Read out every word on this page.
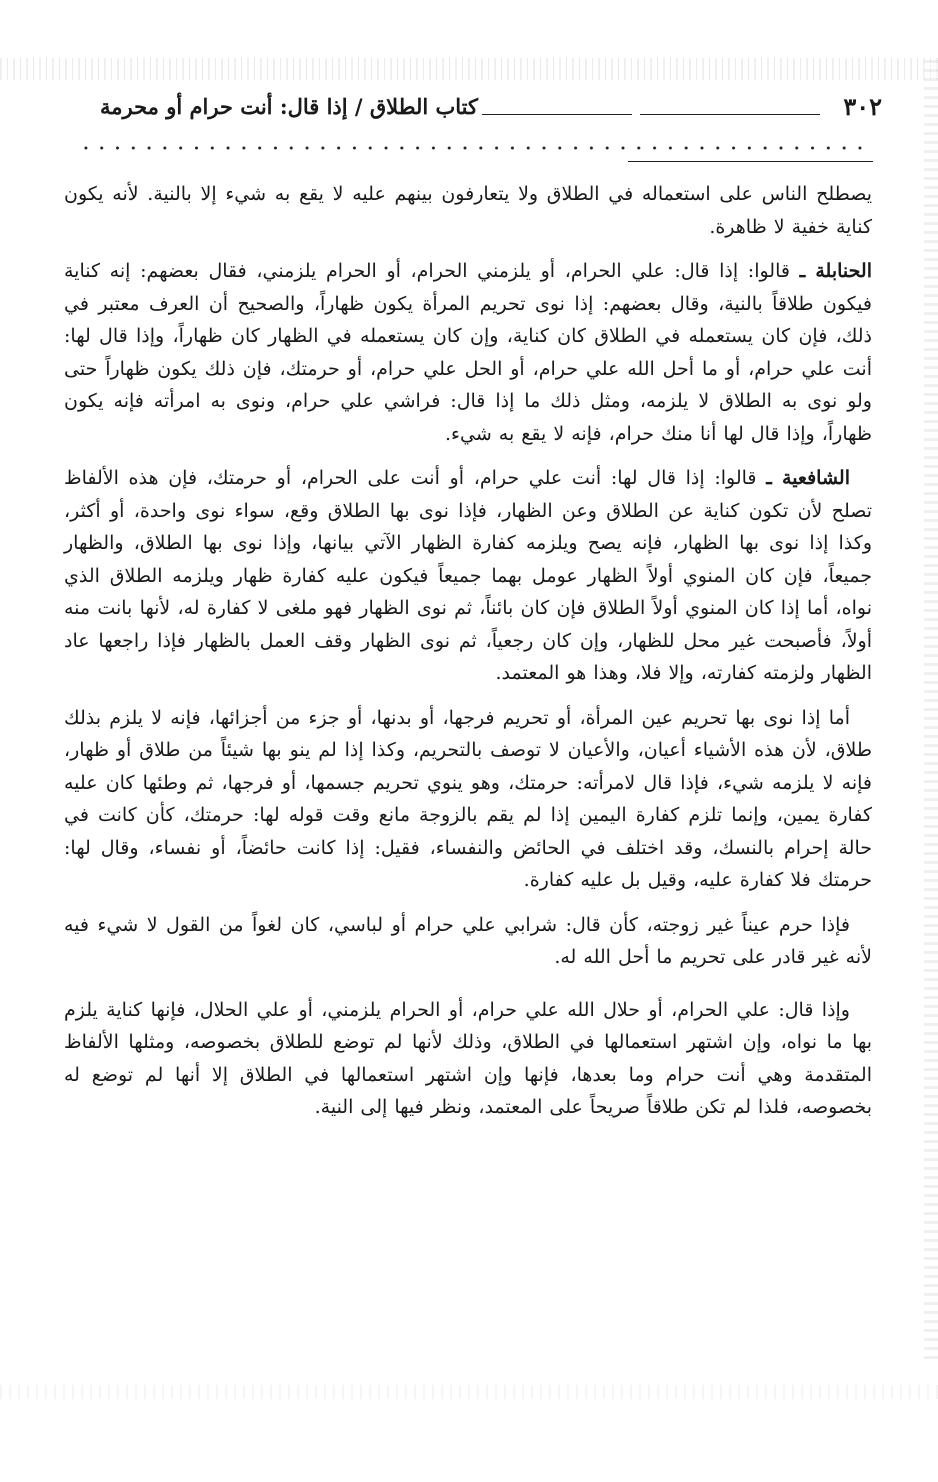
٣٠٢
كتاب الطلاق / إذا قال: أنت حرام أو محرمة

يصطلح الناس على استعماله في الطلاق ولا يتعارفون بينهم عليه لا يقع به شيء إلا بالنية. لأنه يكون كناية خفية لا ظاهرة.

الحنابلة ـ قالوا: إذا قال: علي الحرام، أو يلزمني الحرام، أو الحرام يلزمني، فقال بعضهم: إنه كناية فيكون طلاقاً بالنية، وقال بعضهم: إذا نوى تحريم المرأة يكون ظهاراً، والصحيح أن العرف معتبر في ذلك، فإن كان يستعمله في الطلاق كان كناية، وإن كان يستعمله في الظهار كان ظهاراً، وإذا قال لها: أنت علي حرام، أو ما أحل الله علي حرام، أو الحل علي حرام، أو حرمتك، فإن ذلك يكون ظهاراً حتى ولو نوى به الطلاق لا يلزمه، ومثل ذلك ما إذا قال: فراشي علي حرام، ونوى به امرأته فإنه يكون ظهاراً، وإذا قال لها أنا منك حرام، فإنه لا يقع به شيء.

الشافعية ـ قالوا: إذا قال لها: أنت علي حرام، أو أنت على الحرام، أو حرمتك، فإن هذه الألفاظ تصلح لأن تكون كناية عن الطلاق وعن الظهار، فإذا نوى بها الطلاق وقع، سواء نوى واحدة، أو أكثر، وكذا إذا نوى بها الظهار، فإنه يصح ويلزمه كفارة الظهار الآتي بيانها، وإذا نوى بها الطلاق، والظهار جميعاً، فإن كان المنوي أولاً الظهار عومل بهما جميعاً فيكون عليه كفارة ظهار ويلزمه الطلاق الذي نواه، أما إذا كان المنوي أولاً الطلاق فإن كان بائناً، ثم نوى الظهار فهو ملغى لا كفارة له، لأنها بانت منه أولاً، فأصبحت غير محل للظهار، وإن كان رجعياً، ثم نوى الظهار وقف العمل بالظهار فإذا راجعها عاد الظهار ولزمته كفارته، وإلا فلا، وهذا هو المعتمد.

أما إذا نوى بها تحريم عين المرأة، أو تحريم فرجها، أو بدنها، أو جزء من أجزائها، فإنه لا يلزم بذلك طلاق، لأن هذه الأشياء أعيان، والأعيان لا توصف بالتحريم، وكذا إذا لم ينو بها شيئاً من طلاق أو ظهار، فإنه لا يلزمه شيء، فإذا قال لامرأته: حرمتك، وهو ينوي تحريم جسمها، أو فرجها، ثم وطئها كان عليه كفارة يمين، وإنما تلزم كفارة اليمين إذا لم يقم بالزوجة مانع وقت قوله لها: حرمتك، كأن كانت في حالة إحرام بالنسك، وقد اختلف في الحائض والنفساء، فقيل: إذا كانت حائضاً، أو نفساء، وقال لها: حرمتك فلا كفارة عليه، وقيل بل عليه كفارة.

فإذا حرم عيناً غير زوجته، كأن قال: شرابي علي حرام أو لباسي، كان لغواً من القول لا شيء فيه لأنه غير قادر على تحريم ما أحل الله له.

وإذا قال: علي الحرام، أو حلال الله علي حرام، أو الحرام يلزمني، أو علي الحلال، فإنها كناية يلزم بها ما نواه، وإن اشتهر استعمالها في الطلاق، وذلك لأنها لم توضع للطلاق بخصوصه، ومثلها الألفاظ المتقدمة وهي أنت حرام وما بعدها، فإنها وإن اشتهر استعمالها في الطلاق إلا أنها لم توضع له بخصوصه، فلذا لم تكن طلاقاً صريحاً على المعتمد، ونظر فيها إلى النية.
